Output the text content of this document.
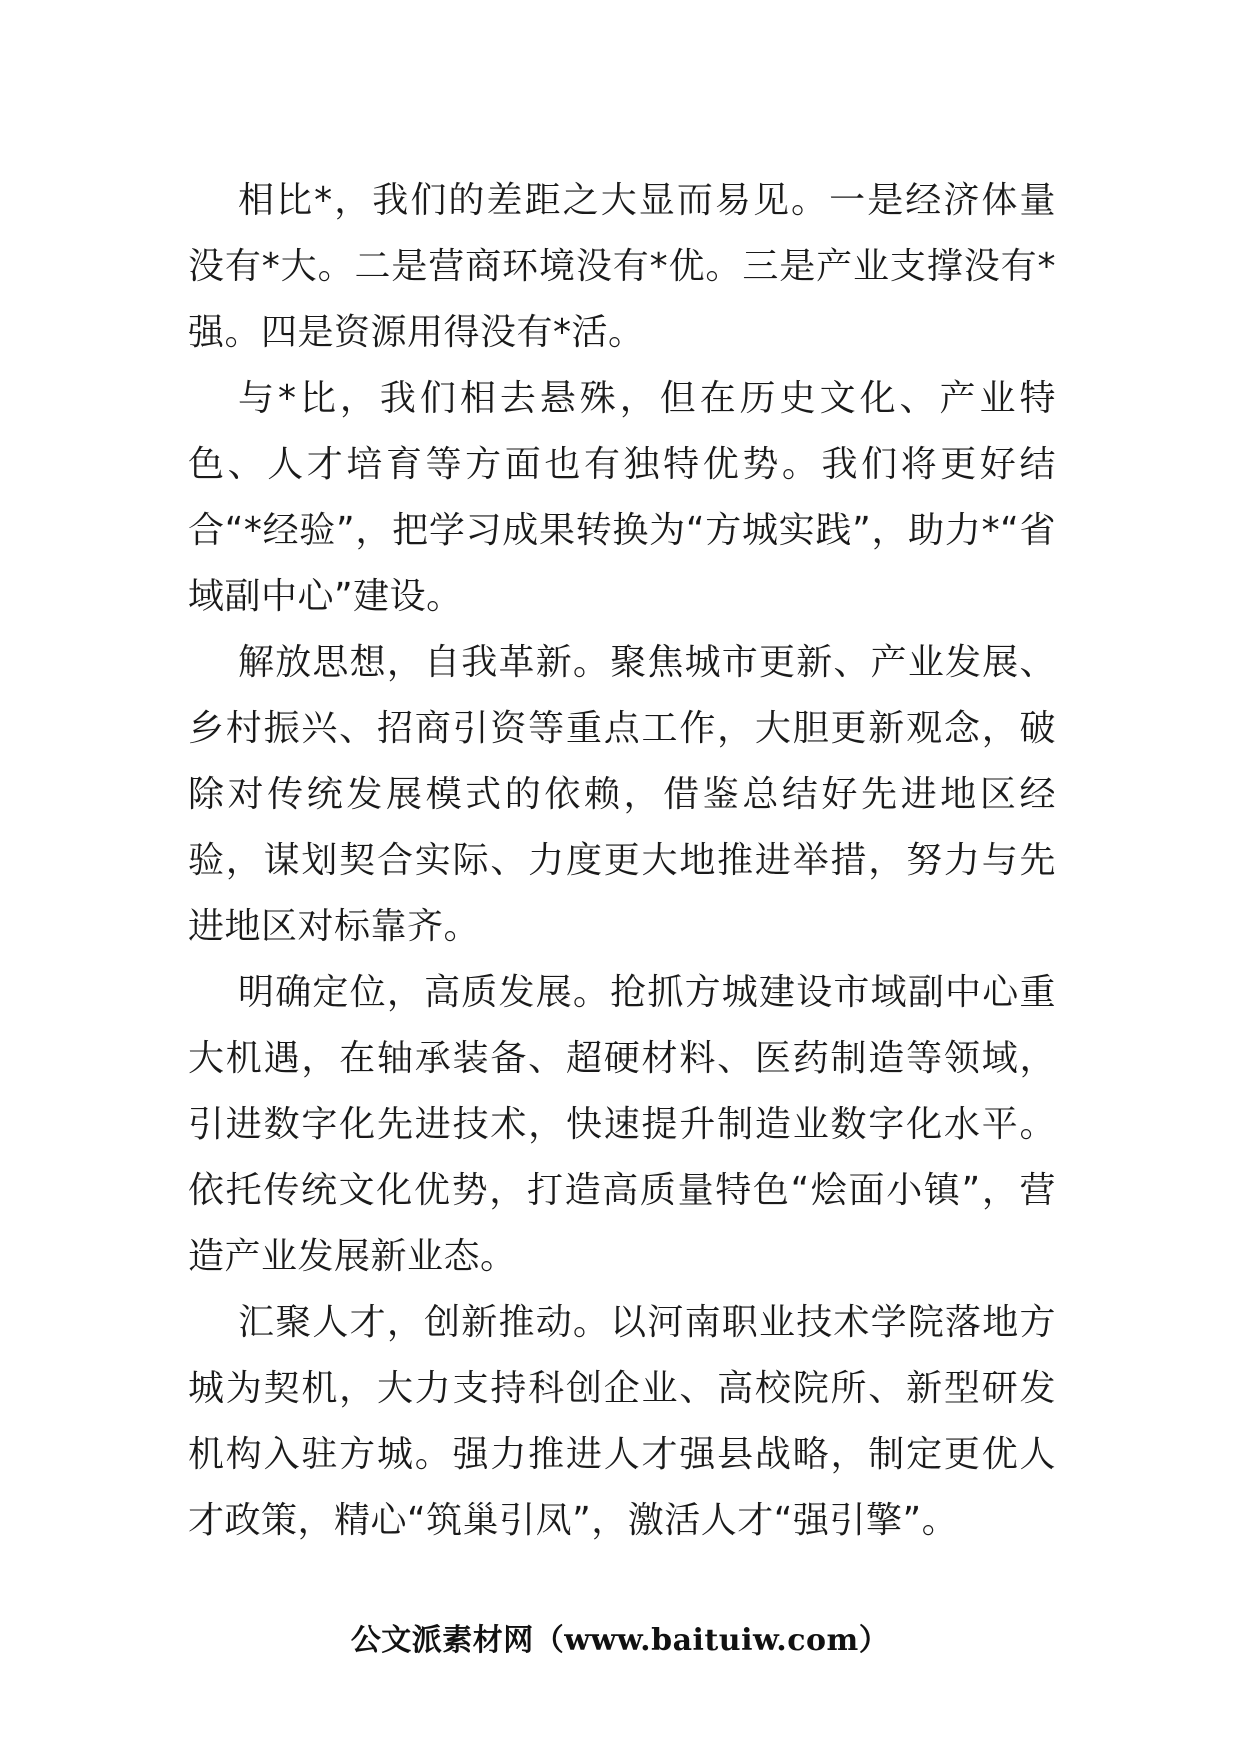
相比*，我们的差距之大显而易见。一是经济体量没有*大。二是营商环境没有*优。三是产业支撑没有*强。四是资源用得没有*活。

与*比，我们相去悬殊，但在历史文化、产业特色、人才培育等方面也有独特优势。我们将更好结合“*经验”，把学习成果转换为“方城实践”，助力*“省域副中心”建设。

解放思想，自我革新。聚焦城市更新、产业发展、乡村振兴、招商引资等重点工作，大胆更新观念，破除对传统发展模式的依赖，借鉴总结好先进地区经验，谋划契合实际、力度更大地推进举措，努力与先进地区对标靠齐。

明确定位，高质发展。抢抓方城建设市域副中心重大机遇，在轴承装备、超硬材料、医药制造等领域，引进数字化先进技术，快速提升制造业数字化水平。依托传统文化优势，打造高质量特色“烩面小镇”，营造产业发展新业态。

汇聚人才，创新推动。以河南职业技术学院落地方城为契机，大力支持科创企业、高校院所、新型研发机构入驻方城。强力推进人才强县战略，制定更优人才政策，精心“筑巢引凤”，激活人才“强引擎”。

公文派素材网（www.baituiw.com）
